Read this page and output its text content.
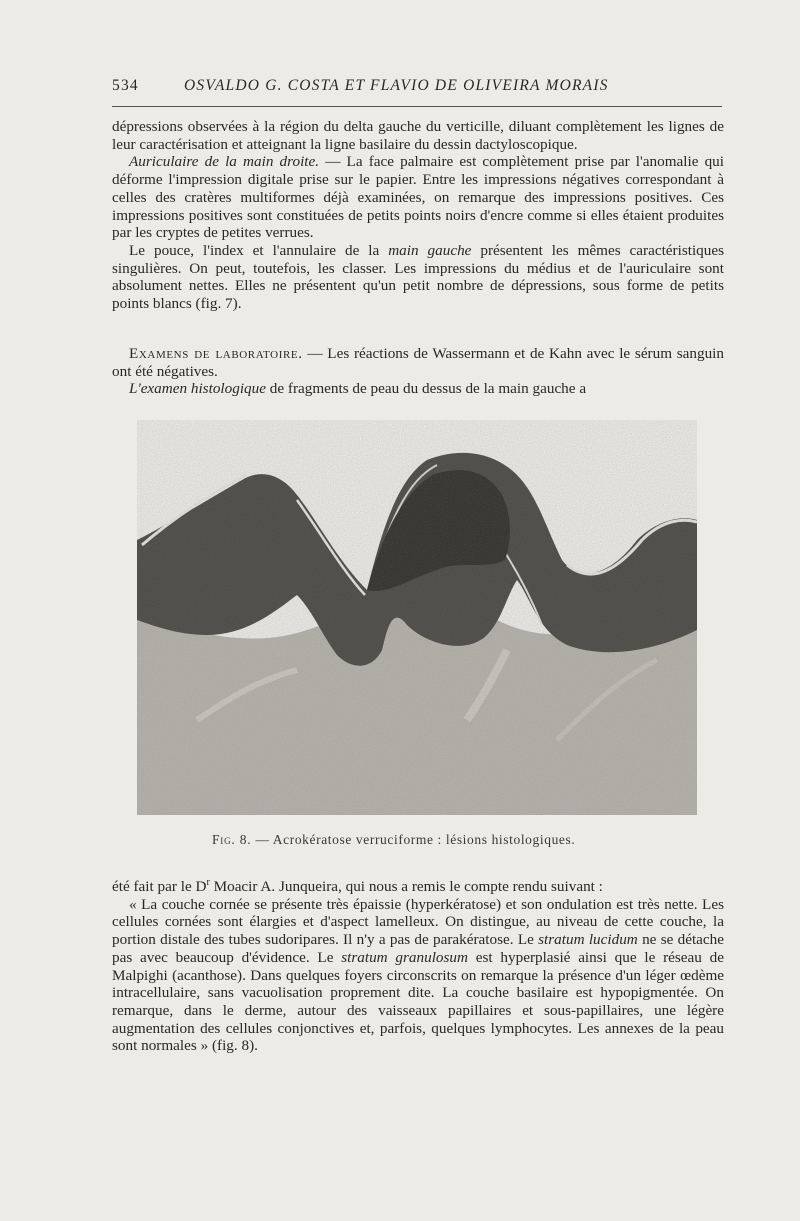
534	OSVALDO G. COSTA ET FLAVIO DE OLIVEIRA MORAIS

dépressions observées à la région du delta gauche du verticille, diluant complètement les lignes de leur caractérisation et atteignant la ligne basilaire du dessin dactyloscopique.

Auriculaire de la main droite. — La face palmaire est complètement prise par l'anomalie qui déforme l'impression digitale prise sur le papier. Entre les impressions négatives correspondant à celles des cratères multiformes déjà examinées, on remarque des impressions positives. Ces impressions positives sont constituées de petits points noirs d'encre comme si elles étaient produites par les cryptes de petites verrues.

Le pouce, l'index et l'annulaire de la main gauche présentent les mêmes caractéristiques singulières. On peut, toutefois, les classer. Les impressions du médius et de l'auriculaire sont absolument nettes. Elles ne présentent qu'un petit nombre de dépressions, sous forme de petits points blancs (fig. 7).

Examens de laboratoire. — Les réactions de Wassermann et de Kahn avec le sérum sanguin ont été négatives.

L'examen histologique de fragments de peau du dessus de la main gauche a

Fig. 8. — Acrokératose verruciforme : lésions histologiques.

été fait par le $D^r$ Moacir A. Junqueira, qui nous a remis le compte rendu suivant :

« La couche cornée se présente très épaissie (hyperkératose) et son ondulation est très nette. Les cellules cornées sont élargies et d'aspect lamelleux. On distingue, au niveau de cette couche, la portion distale des tubes sudoripares. Il n'y a pas de parakératose. Le stratum lucidum ne se détache pas avec beaucoup d'évidence. Le stratum granulosum est hyperplasié ainsi que le réseau de Malpighi (acanthose). Dans quelques foyers circonscrits on remarque la présence d'un léger œdème intracellulaire, sans vacuolisation proprement dite. La couche basilaire est hypopigmentée. On remarque, dans le derme, autour des vaisseaux papillaires et sous-papillaires, une légère augmentation des cellules conjonctives et, parfois, quelques lymphocytes. Les annexes de la peau sont normales » (fig. 8).
